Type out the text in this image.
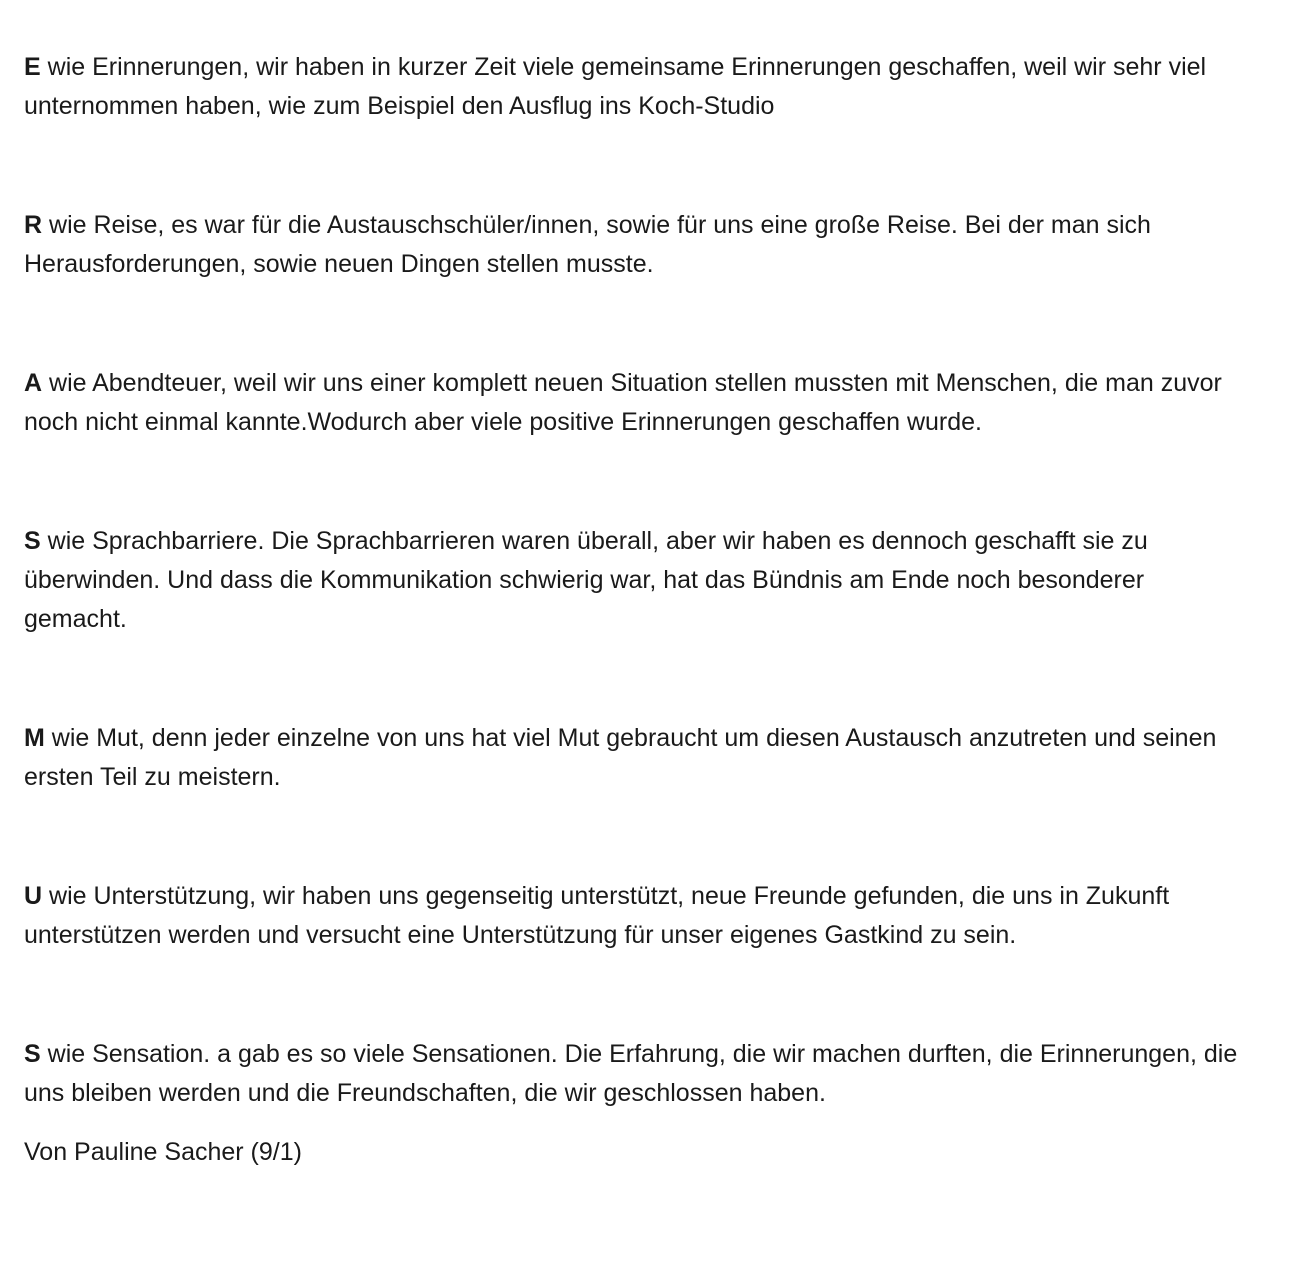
E wie Erinnerungen, wir haben in kurzer Zeit viele gemeinsame Erinnerungen geschaffen, weil wir sehr viel unternommen haben, wie zum Beispiel den Ausflug ins Koch-Studio

R wie Reise, es war für die Austauschschüler/innen, sowie für uns eine große Reise. Bei der man sich Herausforderungen, sowie neuen Dingen stellen musste.

A wie Abendteuer, weil wir uns einer komplett neuen Situation stellen mussten mit Menschen, die man zuvor noch nicht einmal kannte.Wodurch aber viele positive Erinnerungen geschaffen wurde.

S wie Sprachbarriere. Die Sprachbarrieren waren überall, aber wir haben es dennoch geschafft sie zu überwinden. Und dass die Kommunikation schwierig war, hat das Bündnis am Ende noch besonderer gemacht.

M wie Mut, denn jeder einzelne von uns hat viel Mut gebraucht um diesen Austausch anzutreten und seinen ersten Teil zu meistern.

U wie Unterstützung, wir haben uns gegenseitig unterstützt, neue Freunde gefunden, die uns in Zukunft unterstützen werden und versucht eine Unterstützung für unser eigenes Gastkind zu sein.

S wie Sensation. a gab es so viele Sensationen. Die Erfahrung, die wir machen durften, die Erinnerungen, die uns bleiben werden und die Freundschaften, die wir geschlossen haben.

Von Pauline Sacher (9/1)
